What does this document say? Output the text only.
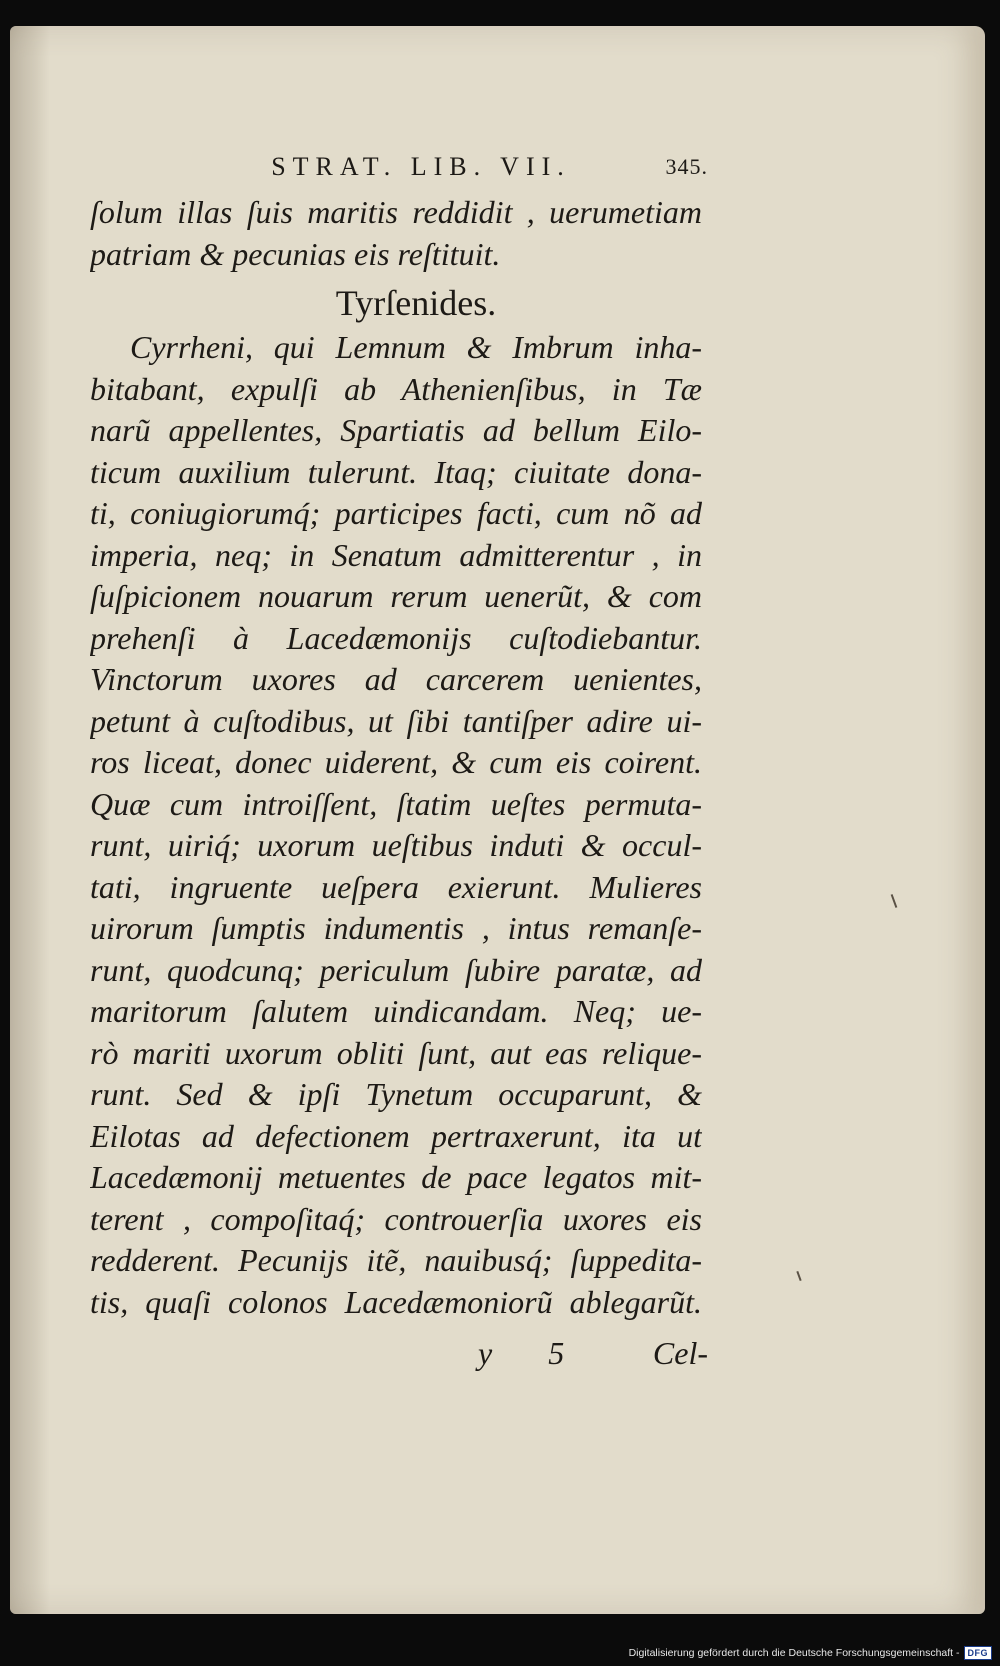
STRAT. LIB. VII.	345.
ſolum illas ſuis maritis reddidit , uerumetiam
patriam & pecunias eis reſtituit.
Tyrſenides.
Cyrrheni, qui Lemnum & Imbrum inha-
bitabant, expulſi ab Athenienſibus, in Tæ
narũ appellentes, Spartiatis ad bellum Eilo-
ticum auxilium tulerunt. Itaq; ciuitate dona-
ti, coniugiorumq́; participes facti, cum nõ ad
imperia, neq; in Senatum admitterentur , in
ſuſpicionem nouarum rerum uenerũt, & com
prehenſi à Lacedæmonijs cuſtodiebantur.
Vinctorum uxores ad carcerem uenientes,
petunt à cuſtodibus, ut ſibi tantiſper adire ui-
ros liceat, donec uiderent, & cum eis coirent.
Quæ cum introiſſent, ſtatim ueſtes permuta-
runt, uiriq́; uxorum ueſtibus induti & occul-
tati, ingruente ueſpera exierunt. Mulieres
uirorum ſumptis indumentis , intus remanſe-
runt, quodcunq; periculum ſubire paratæ, ad
maritorum ſalutem uindicandam. Neq; ue-
rò mariti uxorum obliti ſunt, aut eas relique-
runt. Sed & ipſi Tynetum occuparunt, &
Eilotas ad defectionem pertraxerunt, ita ut
Lacedæmonij metuentes de pace legatos mit-
terent , compoſitaq́; controuerſia uxores eis
redderent. Pecunijs itẽ, nauibusq́; ſuppedita-
tis, quaſi colonos Lacedæmoniorũ ablegarũt.
y 5 Cel-
Digitalisierung gefördert durch die Deutsche Forschungsgemeinschaft - DFG
